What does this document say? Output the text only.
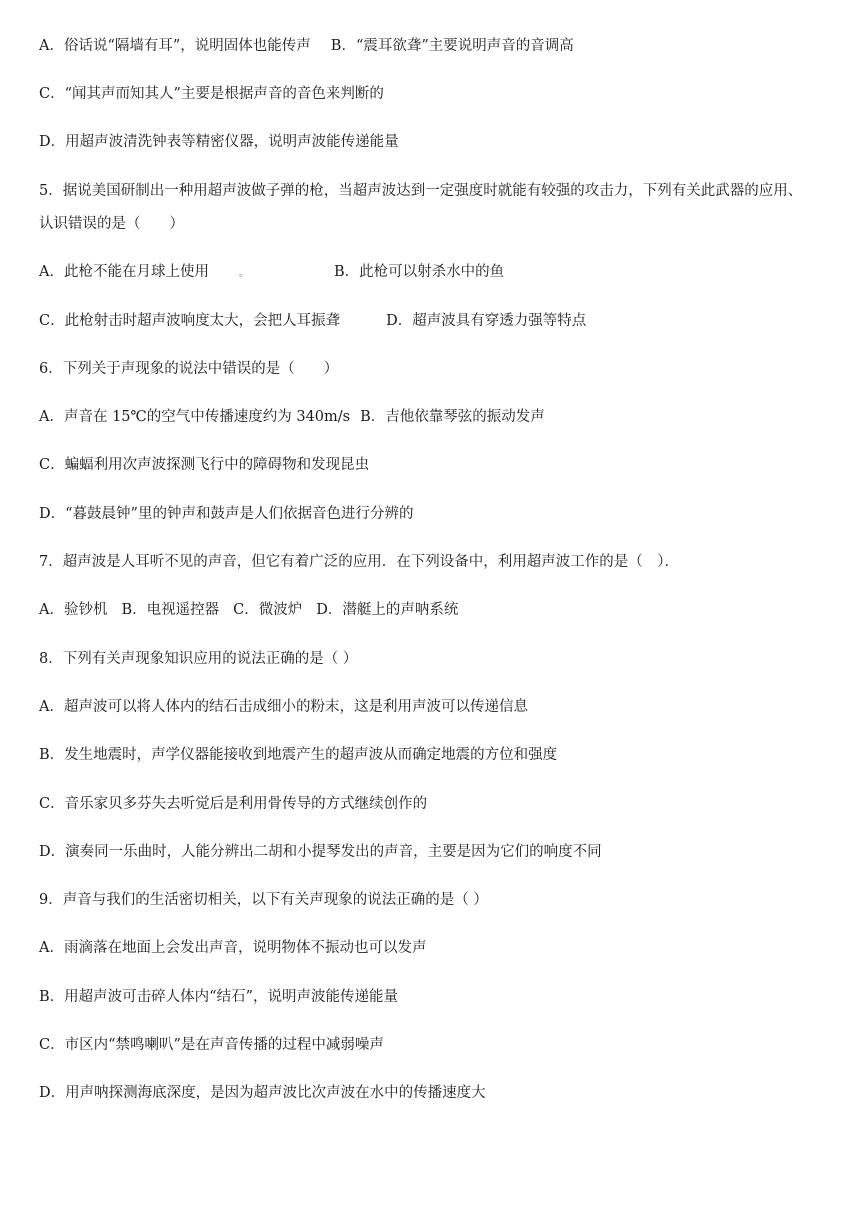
A．俗话说“隔墙有耳”，说明固体也能传声 B．“震耳欲聋”主要说明声音的音调高
C．“闻其声而知其人”主要是根据声音的音色来判断的
D．用超声波清洗钟表等精密仪器，说明声波能传递能量
5．据说美国研制出一种用超声波做子弹的枪，当超声波达到一定强度时就能有较强的攻击力，下列有关此武器的应用、
认识错误的是（　　）
A．此枪不能在月球上使用	。	B．此枪可以射杀水中的鱼
C．此枪射击时超声波响度太大，会把人耳振聋	D．超声波具有穿透力强等特点
6．下列关于声现象的说法中错误的是（　　）
A．声音在 15℃的空气中传播速度约为 340m/s B．吉他依靠琴弦的振动发声
C．蝙蝠利用次声波探测飞行中的障碍物和发现昆虫
D．“暮鼓晨钟”里的钟声和鼓声是人们依据音色进行分辨的
7．超声波是人耳听不见的声音，但它有着广泛的应用．在下列设备中，利用超声波工作的是（　）．
A．验钞机 B．电视遥控器 C．微波炉 D．潜艇上的声呐系统
8．下列有关声现象知识应用的说法正确的是（ ）
A．超声波可以将人体内的结石击成细小的粉末，这是利用声波可以传递信息
B．发生地震时，声学仪器能接收到地震产生的超声波从而确定地震的方位和强度
C．音乐家贝多芬失去听觉后是利用骨传导的方式继续创作的
D．演奏同一乐曲时，人能分辨出二胡和小提琴发出的声音，主要是因为它们的响度不同
9．声音与我们的生活密切相关，以下有关声现象的说法正确的是（ ）
A．雨滴落在地面上会发出声音，说明物体不振动也可以发声
B．用超声波可击碎人体内“结石”，说明声波能传递能量
C．市区内“禁鸣喇叭”是在声音传播的过程中减弱噪声
D．用声呐探测海底深度，是因为超声波比次声波在水中的传播速度大
